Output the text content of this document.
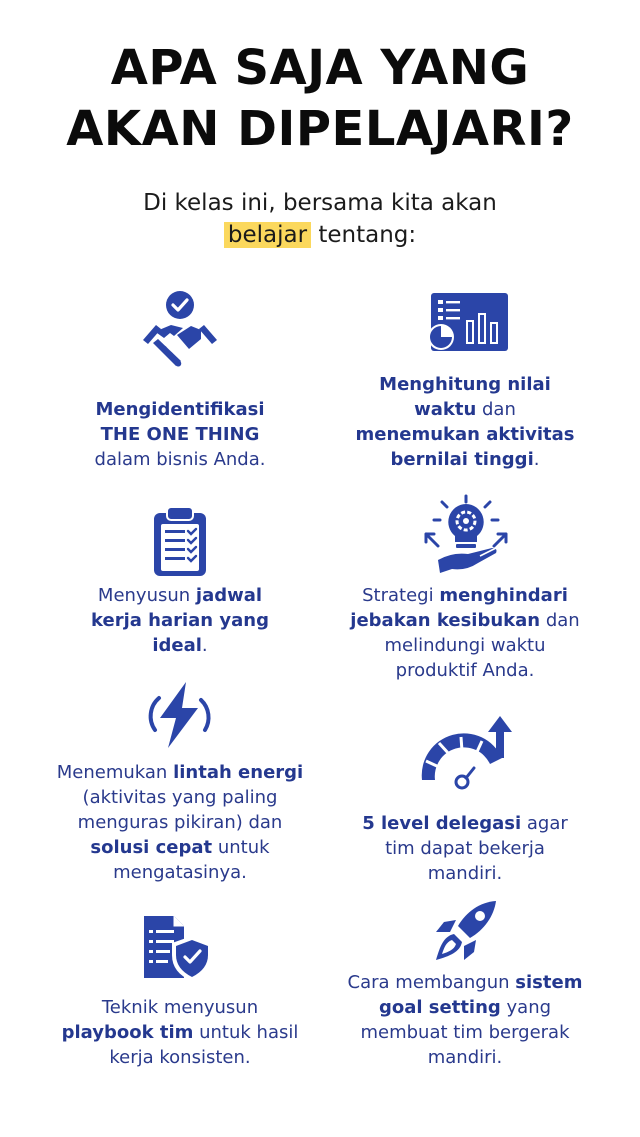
APA SAJA YANG
AKAN DIPELAJARI?
Di kelas ini, bersama kita akan
belajar tentang:
Mengidentifikasi
THE ONE THING
dalam bisnis Anda.
Menghitung nilai
waktu dan
menemukan aktivitas
bernilai tinggi.
Menyusun jadwal
kerja harian yang
ideal.
Strategi menghindari
jebakan kesibukan dan
melindungi waktu
produktif Anda.
Menemukan lintah energi
(aktivitas yang paling
menguras pikiran) dan
solusi cepat untuk
mengatasinya.
5 level delegasi agar
tim dapat bekerja
mandiri.
Teknik menyusun
playbook tim untuk hasil
kerja konsisten.
Cara membangun sistem
goal setting yang
membuat tim bergerak
mandiri.
